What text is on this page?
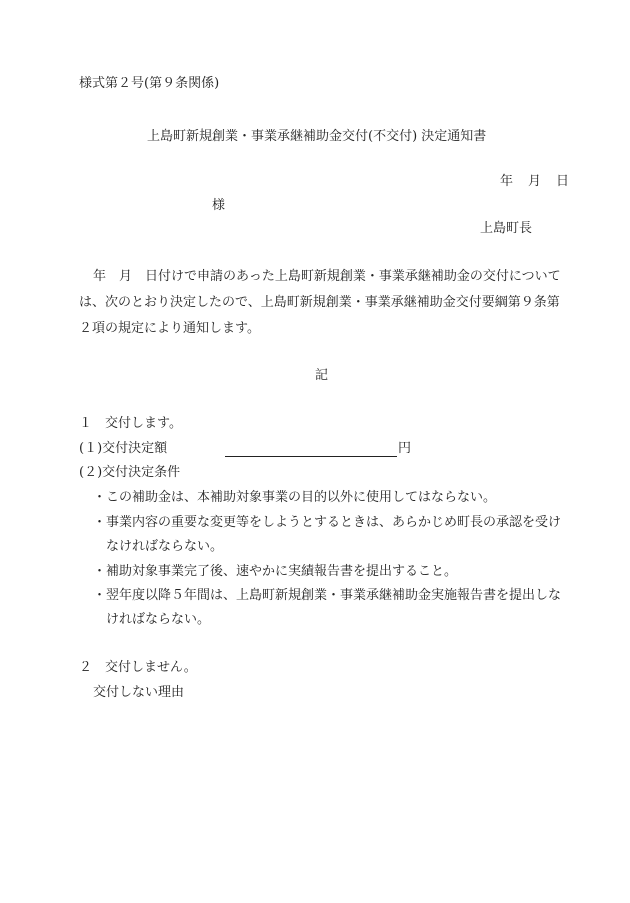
様式第２号(第９条関係)
上島町新規創業・事業承継補助金交付(不交付) 決定通知書
年　月　日
様
上島町長
年　月　日付けで申請のあった上島町新規創業・事業承継補助金の交付について
は、次のとおり決定したので、上島町新規創業・事業承継補助金交付要綱第９条第
２項の規定により通知します。
記
１　交付します。
(１)交付決定額	円
(２)交付決定条件
・この補助金は、本補助対象事業の目的以外に使用してはならない。
・事業内容の重要な変更等をしようとするときは、あらかじめ町長の承認を受け
なければならない。
・補助対象事業完了後、速やかに実績報告書を提出すること。
・翌年度以降５年間は、上島町新規創業・事業承継補助金実施報告書を提出しな
ければならない。
２　交付しません。
交付しない理由
